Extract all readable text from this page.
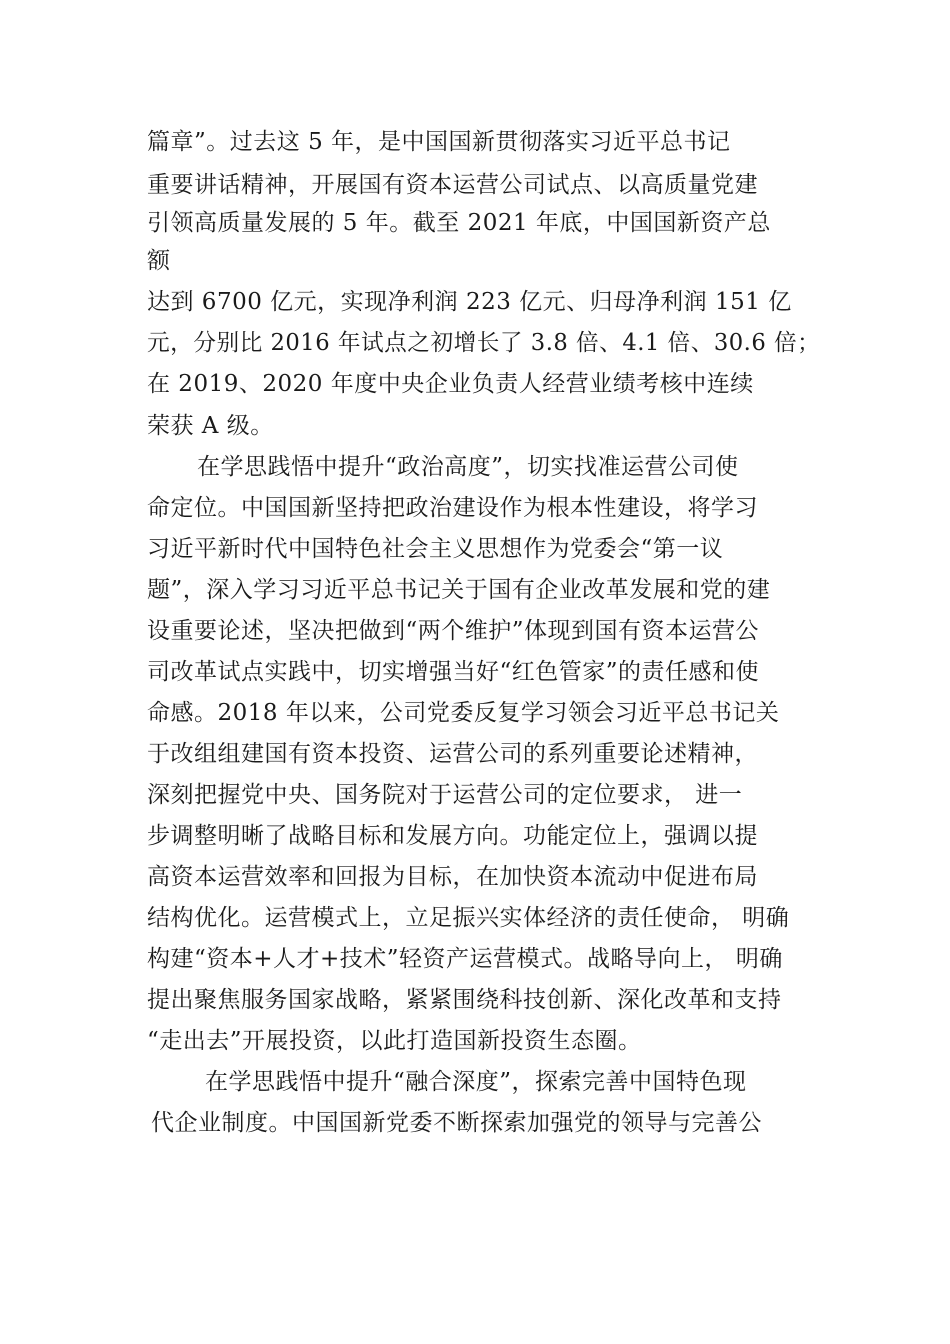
篇章”。过去这 5 年，是中国国新贯彻落实习近平总书记
重要讲话精神，开展国有资本运营公司试点、以高质量党建
引领高质量发展的 5 年。截至 2021 年底，中国国新资产总
额
达到 6700 亿元，实现净利润 223 亿元、归母净利润 151 亿
元，分别比 2016 年试点之初增长了 3.8 倍、4.1 倍、30.6 倍；
在 2019、2020 年度中央企业负责人经营业绩考核中连续
荣获 A 级。
在学思践悟中提升“政治高度”，切实找准运营公司使
命定位。中国国新坚持把政治建设作为根本性建设，将学习
习近平新时代中国特色社会主义思想作为党委会“第一议
题”，深入学习习近平总书记关于国有企业改革发展和党的建
设重要论述，坚决把做到“两个维护”体现到国有资本运营公
司改革试点实践中，切实增强当好“红色管家”的责任感和使
命感。2018 年以来，公司党委反复学习领会习近平总书记关
于改组组建国有资本投资、运营公司的系列重要论述精神，
深刻把握党中央、国务院对于运营公司的定位要求， 进一
步调整明晰了战略目标和发展方向。功能定位上，强调以提
高资本运营效率和回报为目标，在加快资本流动中促进布局
结构优化。运营模式上，立足振兴实体经济的责任使命， 明确
构建“资本+人才+技术”轻资产运营模式。战略导向上， 明确
提出聚焦服务国家战略，紧紧围绕科技创新、深化改革和支持
“走出去”开展投资，以此打造国新投资生态圈。
在学思践悟中提升“融合深度”，探索完善中国特色现
代企业制度。中国国新党委不断探索加强党的领导与完善公
